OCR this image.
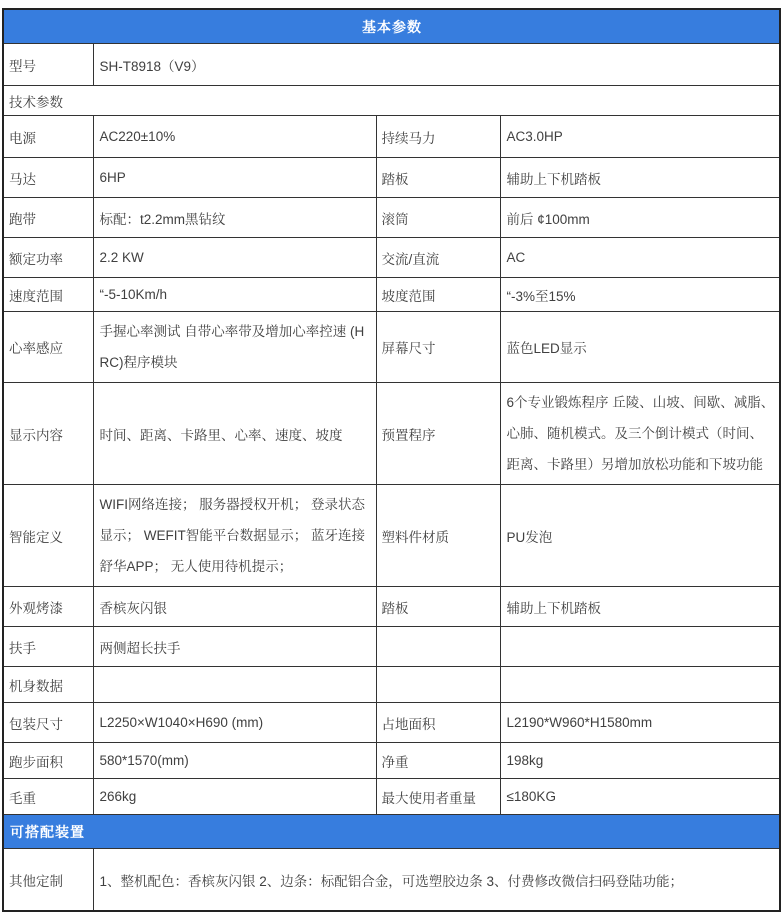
基本参数			
型号	SH-T8918（V9）		
技术参数			
电源	AC220±10%	持续马力	AC3.0HP
马达	6HP	踏板	辅助上下机踏板
跑带	标配：t2.2mm黑钻纹	滚筒	前后 ¢100mm
额定功率	2.2 KW	交流/直流	AC
速度范围	“-5-10Km/h	坡度范围	“-3%至15%
心率感应	手握心率测试 自带心率带及增加心率控速 (HRC)程序模块	屏幕尺寸	蓝色LED显示
显示内容	时间、距离、卡路里、心率、速度、坡度	预置程序	6个专业锻炼程序 丘陵、山坡、间歇、减脂、心肺、随机模式。及三个倒计模式（时间、距离、卡路里）另增加放松功能和下坡功能
智能定义	WIFI网络连接； 服务器授权开机； 登录状态显示； WEFIT智能平台数据显示； 蓝牙连接舒华APP； 无人使用待机提示；	塑料件材质	PU发泡
外观烤漆	香槟灰闪银	踏板	辅助上下机踏板
扶手	两侧超长扶手		
机身数据			
包装尺寸	L2250×W1040×H690 (mm)	占地面积	L2190*W960*H1580mm
跑步面积	580*1570(mm)	净重	198kg
毛重	266kg	最大使用者重量	≤180KG
可搭配装置			
其他定制	1、整机配色：香槟灰闪银 2、边条：标配铝合金，可选塑胶边条 3、付费修改微信扫码登陆功能；		
